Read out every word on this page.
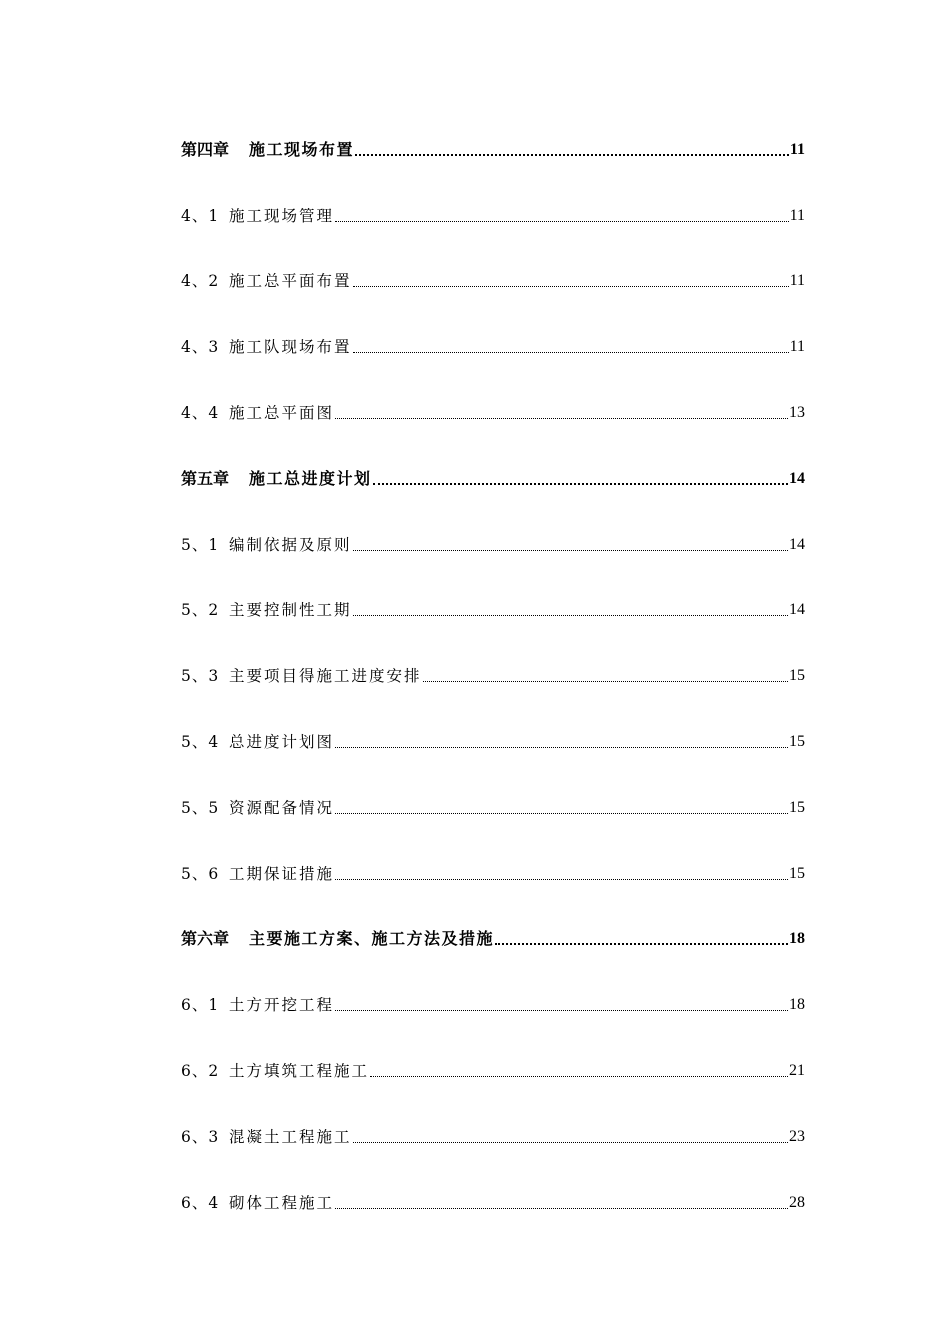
第四章	施工现场布置	11
4、1 施工现场管理	11
4、2 施工总平面布置	11
4、3 施工队现场布置	11
4、4 施工总平面图	13
第五章	施工总进度计划	14
5、1 编制依据及原则	14
5、2 主要控制性工期	14
5、3 主要项目得施工进度安排	15
5、4 总进度计划图	15
5、5 资源配备情况	15
5、6 工期保证措施	15
第六章	主要施工方案、施工方法及措施	18
6、1 土方开挖工程	18
6、2 土方填筑工程施工	21
6、3 混凝土工程施工	23
6、4 砌体工程施工	28
